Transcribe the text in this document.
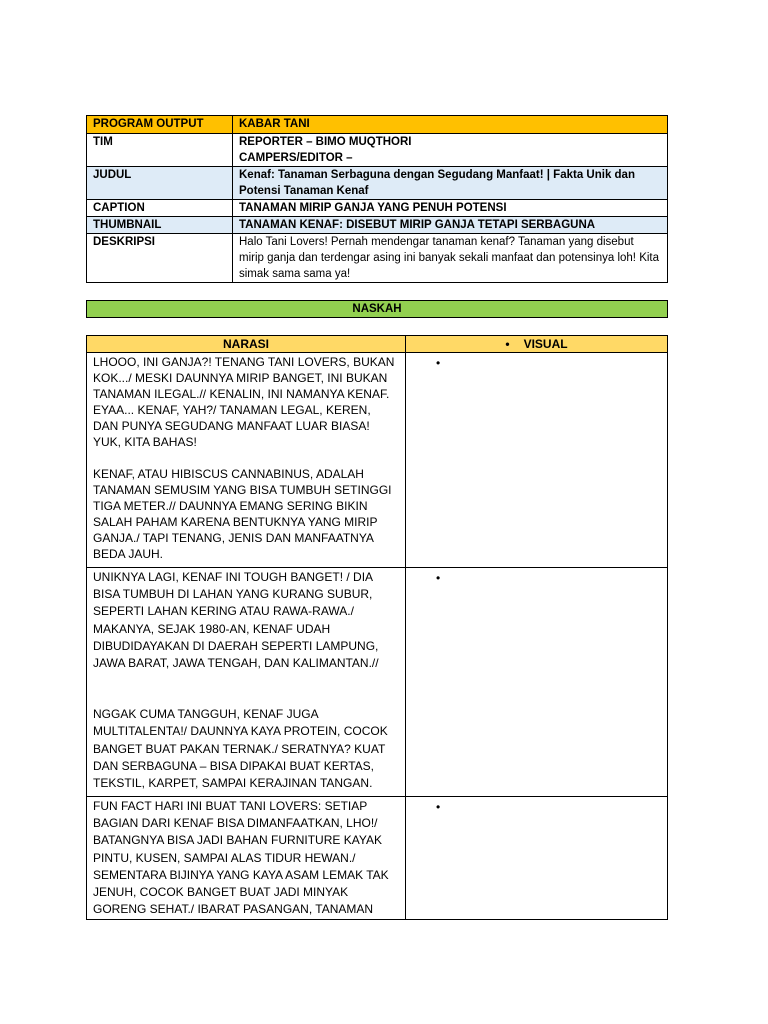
PROGRAM OUTPUT	KABAR TANI
TIM	REPORTER – BIMO MUQTHORI
CAMPERS/EDITOR –

JUDUL	Kenaf: Tanaman Serbaguna dengan Segudang Manfaat! | Fakta Unik dan Potensi Tanaman Kenaf
CAPTION	TANAMAN MIRIP GANJA YANG PENUH POTENSI
THUMBNAIL	TANAMAN KENAF: DISEBUT MIRIP GANJA TETAPI SERBAGUNA
DESKRIPSI	Halo Tani Lovers! Pernah mendengar tanaman kenaf? Tanaman yang disebut mirip ganja dan terdengar asing ini banyak sekali manfaat dan potensinya loh! Kita simak sama sama ya!
NASKAH
NARASI	• VISUAL

LHOOO, INI GANJA?! TENANG TANI LOVERS, BUKAN KOK.../ MESKI DAUNNYA MIRIP BANGET, INI BUKAN TANAMAN ILEGAL.// KENALIN, INI NAMANYA KENAF. EYAA... KENAF, YAH?/ TANAMAN LEGAL, KEREN, DAN PUNYA SEGUDANG MANFAAT LUAR BIASA! YUK, KITA BAHAS!

KENAF, ATAU HIBISCUS CANNABINUS, ADALAH TANAMAN SEMUSIM YANG BISA TUMBUH SETINGGI TIGA METER.// DAUNNYA EMANG SERING BIKIN SALAH PAHAM KARENA BENTUKNYA YANG MIRIP GANJA./ TAPI TENANG, JENIS DAN MANFAATNYA BEDA JAUH.	•

UNIKNYA LAGI, KENAF INI TOUGH BANGET! / DIA BISA TUMBUH DI LAHAN YANG KURANG SUBUR, SEPERTI LAHAN KERING ATAU RAWA-RAWA./ MAKANYA, SEJAK 1980-AN, KENAF UDAH DIBUDIDAYAKAN DI DAERAH SEPERTI LAMPUNG, JAWA BARAT, JAWA TENGAH, DAN KALIMANTAN.//

NGGAK CUMA TANGGUH, KENAF JUGA MULTITALENTA!/ DAUNNYA KAYA PROTEIN, COCOK BANGET BUAT PAKAN TERNAK./ SERATNYA? KUAT DAN SERBAGUNA – BISA DIPAKAI BUAT KERTAS, TEKSTIL, KARPET, SAMPAI KERAJINAN TANGAN.	•

FUN FACT HARI INI BUAT TANI LOVERS: SETIAP BAGIAN DARI KENAF BISA DIMANFAATKAN, LHO!/ BATANGNYA BISA JADI BAHAN FURNITURE KAYAK PINTU, KUSEN, SAMPAI ALAS TIDUR HEWAN./ SEMENTARA BIJINYA YANG KAYA ASAM LEMAK TAK JENUH, COCOK BANGET BUAT JADI MINYAK GORENG SEHAT./ IBARAT PASANGAN, TANAMAN	•
